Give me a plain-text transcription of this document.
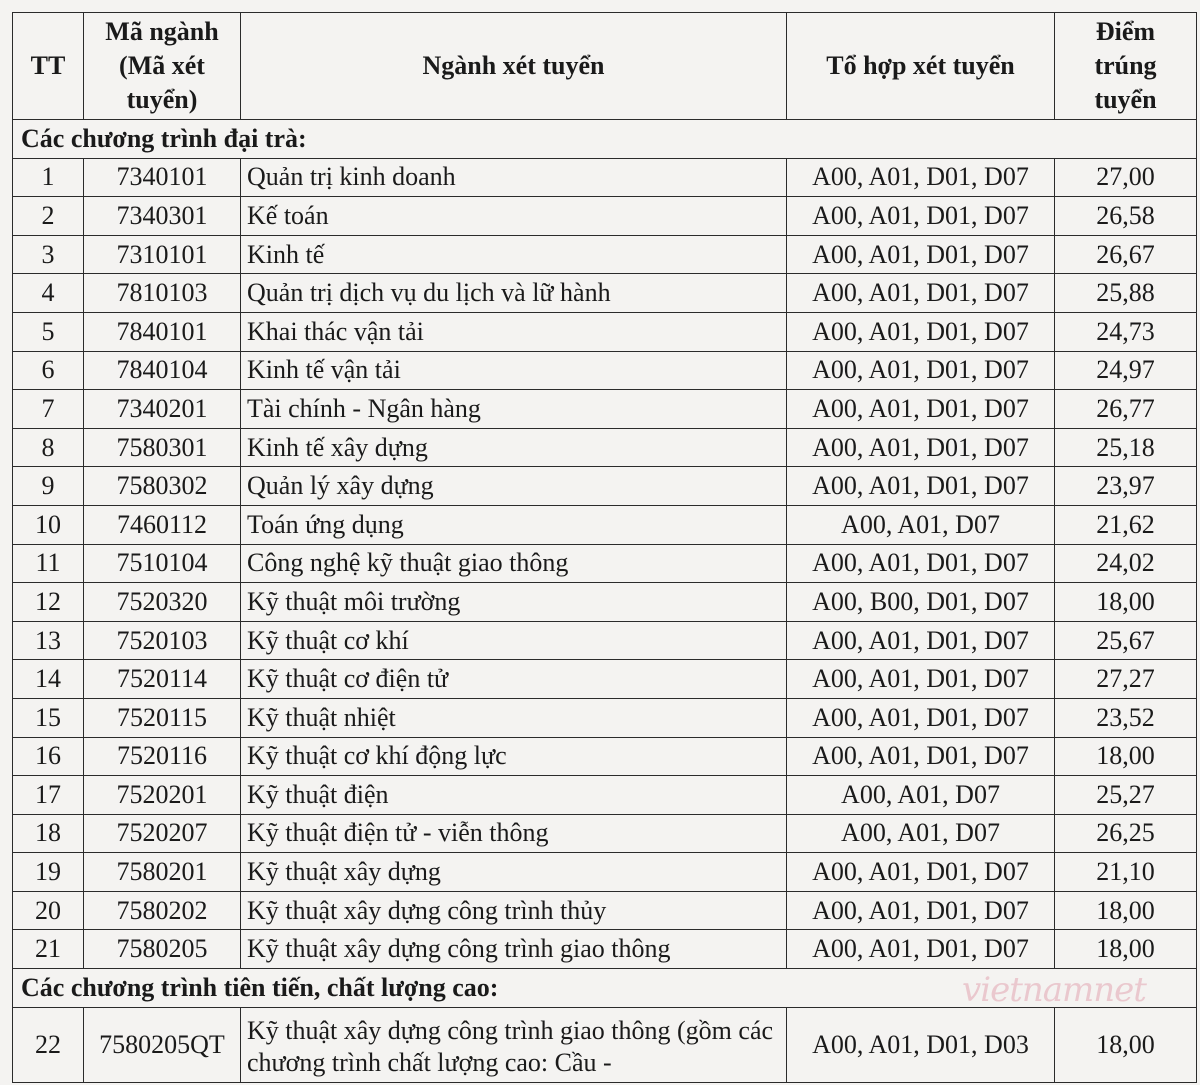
TT	Mã ngành (Mã xét tuyển)	Ngành xét tuyển	Tổ hợp xét tuyển	Điểm trúng tuyển
Các chương trình đại trà:				
1	7340101	Quản trị kinh doanh	A00, A01, D01, D07	27,00
2	7340301	Kế toán	A00, A01, D01, D07	26,58
3	7310101	Kinh tế	A00, A01, D01, D07	26,67
4	7810103	Quản trị dịch vụ du lịch và lữ hành	A00, A01, D01, D07	25,88
5	7840101	Khai thác vận tải	A00, A01, D01, D07	24,73
6	7840104	Kinh tế vận tải	A00, A01, D01, D07	24,97
7	7340201	Tài chính - Ngân hàng	A00, A01, D01, D07	26,77
8	7580301	Kinh tế xây dựng	A00, A01, D01, D07	25,18
9	7580302	Quản lý xây dựng	A00, A01, D01, D07	23,97
10	7460112	Toán ứng dụng	A00, A01, D07	21,62
11	7510104	Công nghệ kỹ thuật giao thông	A00, A01, D01, D07	24,02
12	7520320	Kỹ thuật môi trường	A00, B00, D01, D07	18,00
13	7520103	Kỹ thuật cơ khí	A00, A01, D01, D07	25,67
14	7520114	Kỹ thuật cơ điện tử	A00, A01, D01, D07	27,27
15	7520115	Kỹ thuật nhiệt	A00, A01, D01, D07	23,52
16	7520116	Kỹ thuật cơ khí động lực	A00, A01, D01, D07	18,00
17	7520201	Kỹ thuật điện	A00, A01, D07	25,27
18	7520207	Kỹ thuật điện tử - viễn thông	A00, A01, D07	26,25
19	7580201	Kỹ thuật xây dựng	A00, A01, D01, D07	21,10
20	7580202	Kỹ thuật xây dựng công trình thủy	A00, A01, D01, D07	18,00
21	7580205	Kỹ thuật xây dựng công trình giao thông	A00, A01, D01, D07	18,00
Các chương trình tiên tiến, chất lượng cao:				
22	7580205QT	Kỹ thuật xây dựng công trình giao thông (gồm các chương trình chất lượng cao: Cầu -	A00, A01, D01, D03	18,00
vietnamnet
